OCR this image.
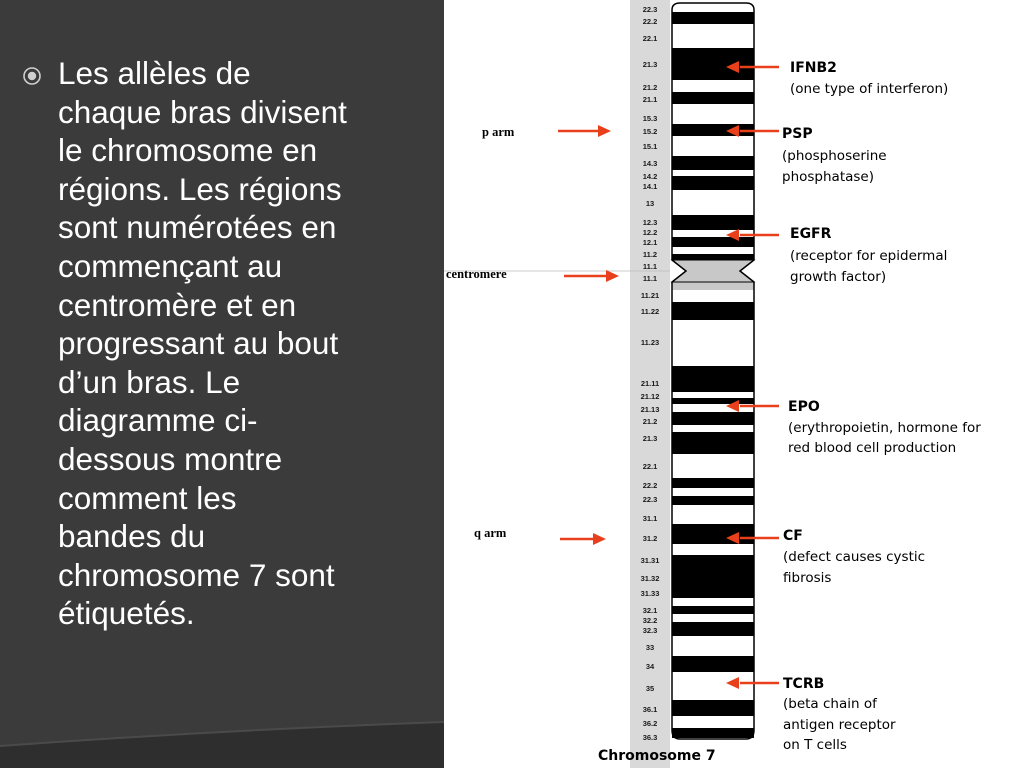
Les allèles de
chaque bras divisent
le chromosome en
régions. Les régions
sont numérotées en
commençant au
centromère et en
progressant au bout
d’un bras. Le
diagramme ci-
dessous montre
comment les
bandes du
chromosome 7 sont
étiquetés.
22.3
22.2
22.1
21.3
21.2
21.1
15.3
15.2
15.1
14.3
14.2
14.1
13
12.3
12.2
12.1
11.2
11.1
11.1
11.21
11.22
11.23
21.11
21.12
21.13
21.2
21.3
22.1
22.2
22.3
31.1
31.2
31.31
31.32
31.33
32.1
32.2
32.3
33
34
35
36.1
36.2
36.3
p arm
centromere
q arm
IFNB2
(one type of interferon)
PSP
(phosphoserine
phosphatase)
EGFR
(receptor for epidermal
growth factor)
EPO
(erythropoietin, hormone for
red blood cell production
CF
(defect causes cystic
fibrosis
TCRB
(beta chain of
antigen receptor
on T cells
Chromosome 7
